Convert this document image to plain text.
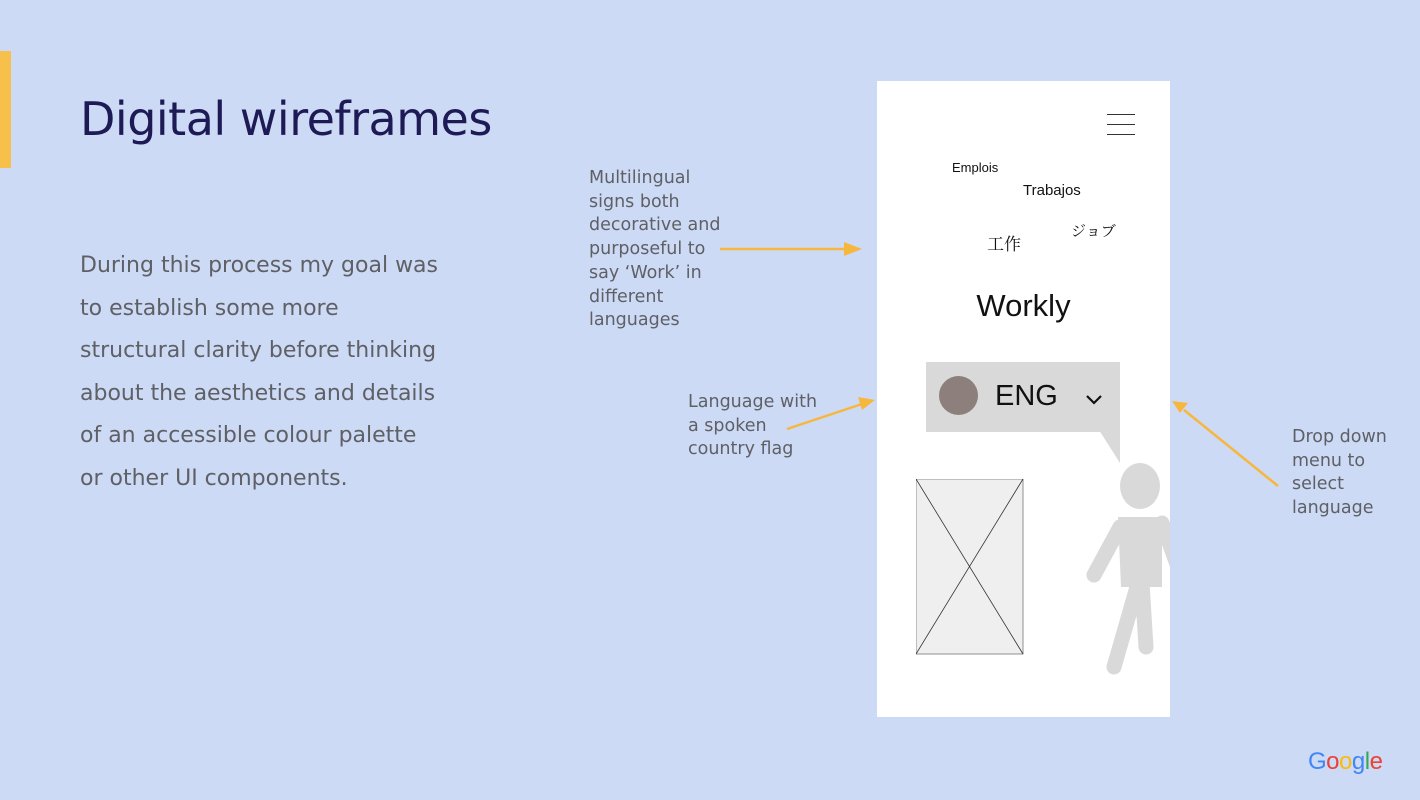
Digital wireframes
During this process my goal was
to establish some more
structural clarity before thinking
about the aesthetics and details
of an accessible colour palette
or other UI components.
Multilingual
signs both
decorative and
purposeful to
say ‘Work’ in
different
languages
Language with
a spoken
country flag
Drop down
menu to
select
language
Emplois
Trabajos
ジョブ
工作
Workly
ENG
Google
